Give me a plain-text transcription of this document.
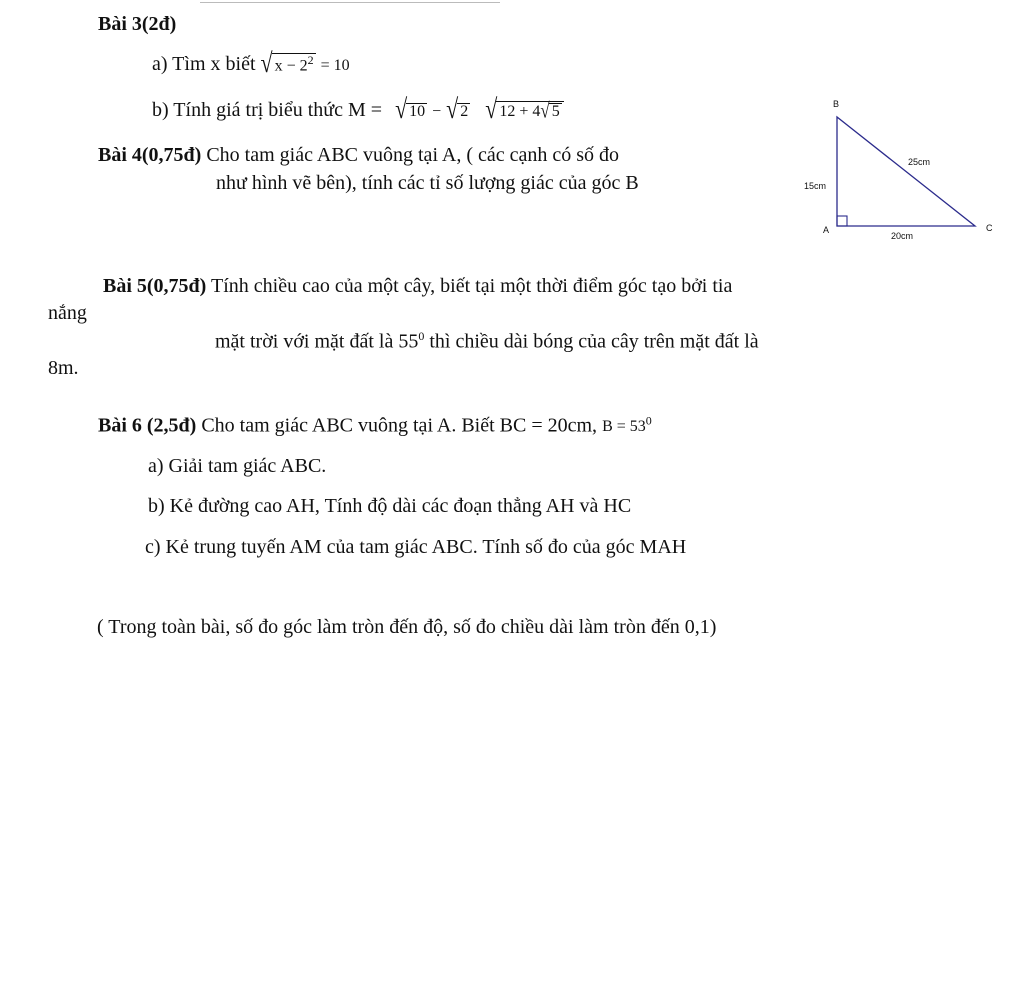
Bài 3(2đ)
a) Tìm x biết √ $x - 2^2 = 10$
b) Tính giá trị biểu thức M = √ 10 − √ 2 √ 12 + 4√ 5
Bài 4(0,75đ) Cho tam giác ABC vuông tại A, ( các cạnh có số đo
như hình vẽ bên), tính các tỉ số lượng giác của góc B
B
A	C
15cm
25cm
20cm
Bài 5(0,75đ) Tính chiều cao của một cây, biết tại một thời điểm góc tạo bởi tia
nắng
mặt trời với mặt đất là $55^0$ thì chiều dài bóng của cây trên mặt đất là
8m.
Bài 6 (2,5đ) Cho tam giác ABC vuông tại A. Biết BC = 20cm, $B = 53^0$
a) Giải tam giác ABC.
b) Kẻ đường cao AH, Tính độ dài các đoạn thẳng AH và HC
c) Kẻ trung tuyến AM của tam giác ABC. Tính số đo của góc MAH
( Trong toàn bài, số đo góc làm tròn đến độ, số đo chiều dài làm tròn đến 0,1)
